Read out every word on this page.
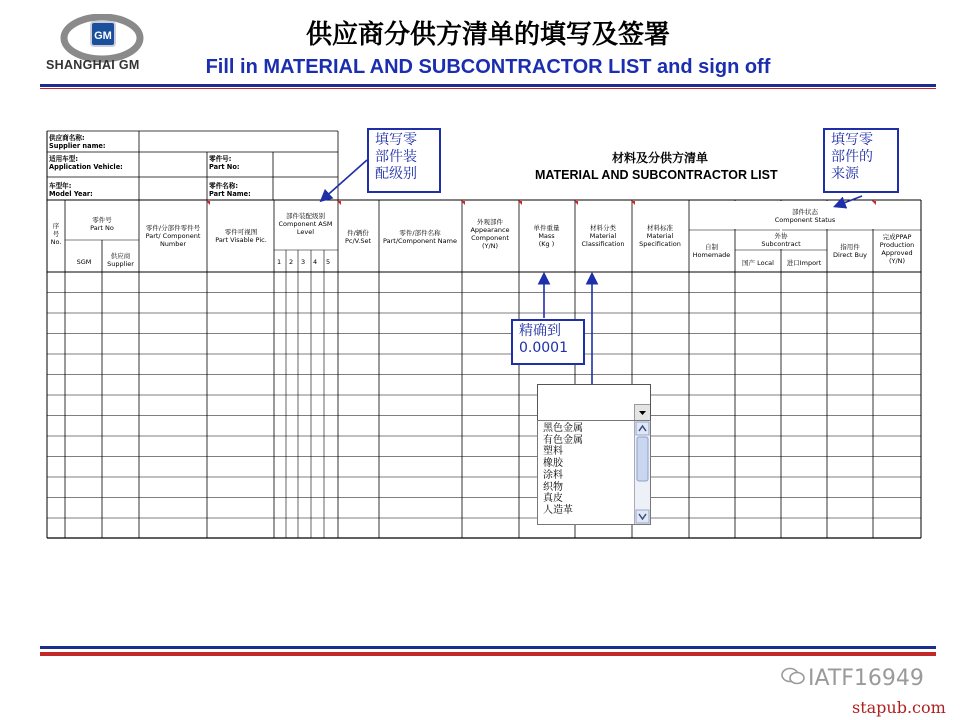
GM
SHANGHAI GM
供应商分供方清单的填写及签署
Fill in MATERIAL AND SUBCONTRACTOR LIST and sign off
材料及分供方清单
MATERIAL AND SUBCONTRACTOR LIST
供应商名称:
Supplier name:
适用车型:
Application Vehicle:
车型年:
Model Year:
零件号:
Part No:
零件名称:
Part Name:
序
号
No.
零件号
Part No
SGM
供应商
Supplier
零件/分部件零件号
Part/ Component
Number
零件可视图
Part Visable Pic.
部件装配级别
Component ASM
Level
1 2 3 4 5
件/辆份
Pc/V.Set
零件/部件名称
Part/Component Name
外观部件
Appearance
Component
(Y/N)
单件重量
Mass
(Kg )
材料分类
Material
Classification
材料标准
Material
Specification
部件状态
Component Status
自制
Homemade
外协
Subcontract
国产 Local	进口Import
指用件
Direct Buy
完成PPAP
Production
Approved
(Y/N)
填写零
部件装
配级别
填写零
部件的
来源
精确到
0.0001
黑色金属
有色金属
塑料
橡胶
涂料
织物
真皮
人造革
IATF16949
stapub.com
